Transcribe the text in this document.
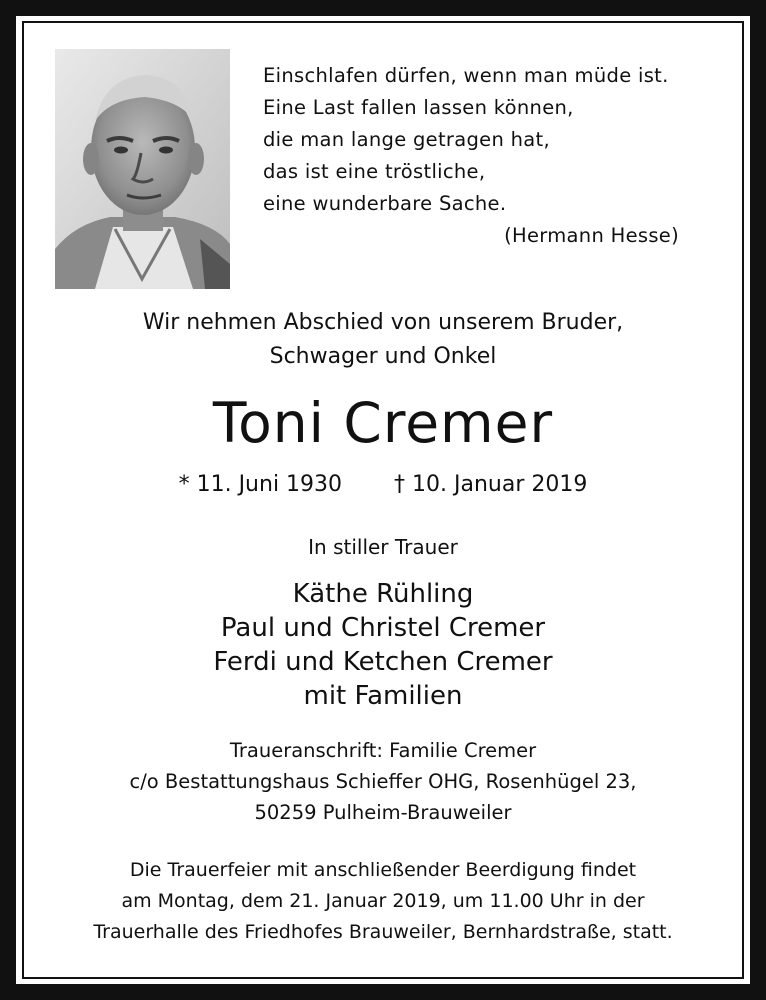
Einschlafen dürfen, wenn man müde ist.
Eine Last fallen lassen können,
die man lange getragen hat,
das ist eine tröstliche,
eine wunderbare Sache.
(Hermann Hesse)
Wir nehmen Abschied von unserem Bruder,
Schwager und Onkel
Toni Cremer
* 11. Juni 1930 † 10. Januar 2019
In stiller Trauer
Käthe Rühling
Paul und Christel Cremer
Ferdi und Ketchen Cremer
mit Familien
Traueranschrift: Familie Cremer
c/o Bestattungshaus Schieffer OHG, Rosenhügel 23,
50259 Pulheim-Brauweiler
Die Trauerfeier mit anschließender Beerdigung findet
am Montag, dem 21. Januar 2019, um 11.00 Uhr in der
Trauerhalle des Friedhofes Brauweiler, Bernhardstraße, statt.
